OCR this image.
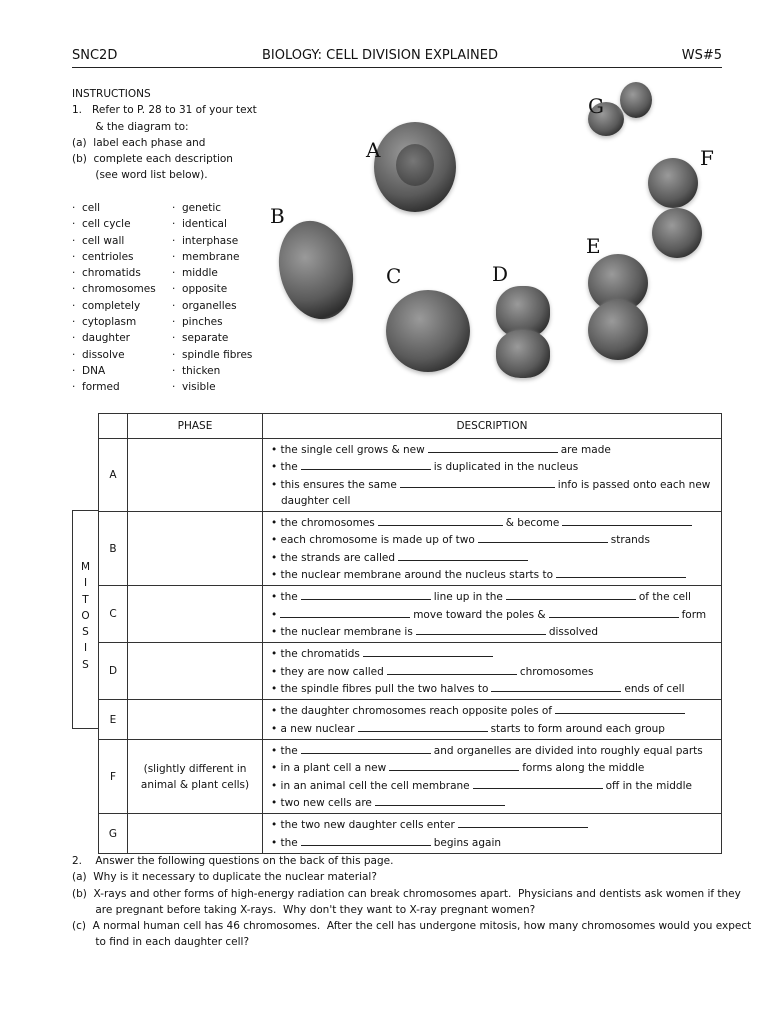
SNC2D	BIOLOGY: CELL DIVISION EXPLAINED	WS#5
INSTRUCTIONS
1.   Refer to P. 28 to 31 of your text
& the diagram to:
(a)  label each phase and
(b)  complete each description
(see word list below).
·  cell
·  cell cycle
·  cell wall
·  centrioles
·  chromatids
·  chromosomes
·  completely
·  cytoplasm
·  daughter
·  dissolve
·  DNA
·  formed
·  genetic
·  identical
·  interphase
·  membrane
·  middle
·  opposite
·  organelles
·  pinches
·  separate
·  spindle fibres
·  thicken
·  visible
A
B
C	D
E
F
G
M
I
T
O
S
I
S
	PHASE	DESCRIPTION
A		• the single cell grows & new are made
• the is duplicated in the nucleus
• this ensures the same info is passed onto each new
daughter cell

B		• the chromosomes & become
• each chromosome is made up of two strands
• the strands are called
• the nuclear membrane around the nucleus starts to

C		• the line up in the of the cell
• move toward the poles & form
• the nuclear membrane is dissolved

D		• the chromatids
• they are now called chromosomes
• the spindle fibres pull the two halves to ends of cell

E		• the daughter chromosomes reach opposite poles of
• a new nuclear starts to form around each group

F	(slightly different in animal & plant cells)	• the and organelles are divided into roughly equal parts
• in a plant cell a new forms along the middle
• in an animal cell the cell membrane off in the middle
• two new cells are

G		• the two new daughter cells enter
• the begins again
2.    Answer the following questions on the back of this page.
(a)  Why is it necessary to duplicate the nuclear material?
(b)  X-rays and other forms of high-energy radiation can break chromosomes apart.  Physicians and dentists ask women if they
are pregnant before taking X-rays.  Why don't they want to X-ray pregnant women?
(c)  A normal human cell has 46 chromosomes.  After the cell has undergone mitosis, how many chromosomes would you expect
to find in each daughter cell?
